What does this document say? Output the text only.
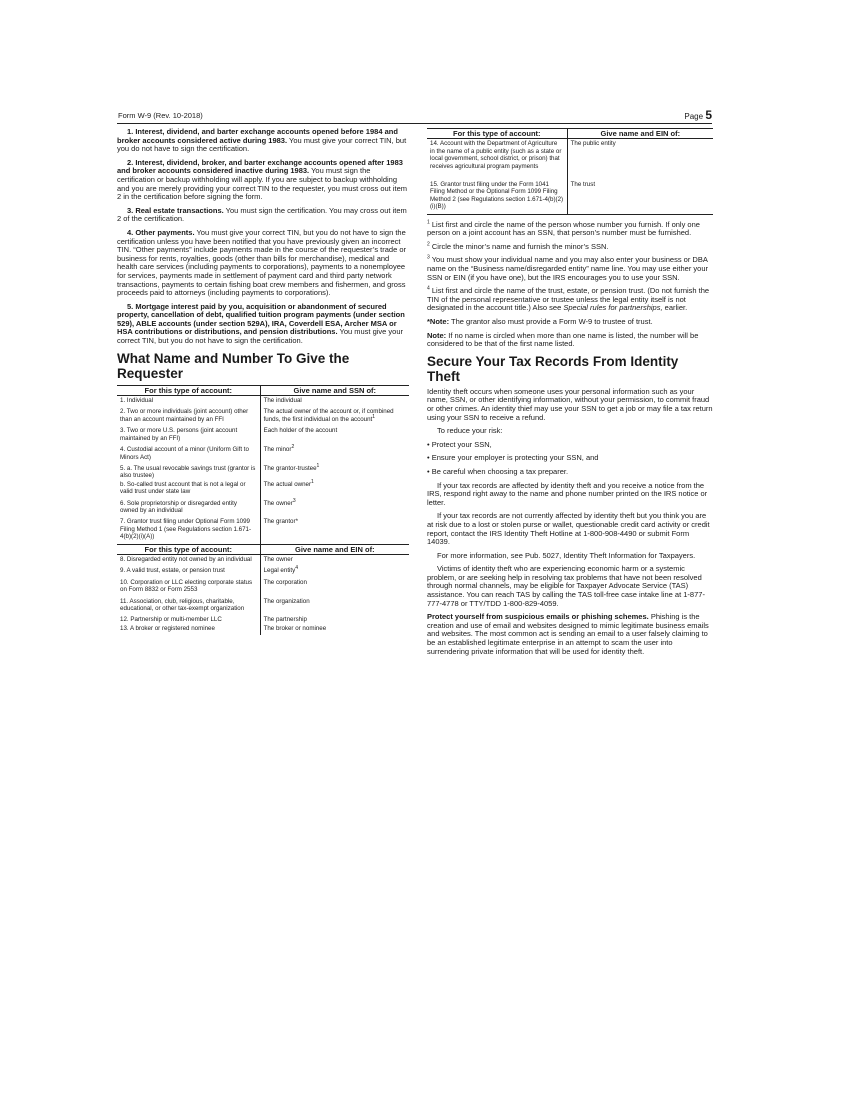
Form W-9 (Rev. 10-2018)	Page 5

1. Interest, dividend, and barter exchange accounts opened before 1984 and broker accounts considered active during 1983. You must give your correct TIN, but you do not have to sign the certification.

2. Interest, dividend, broker, and barter exchange accounts opened after 1983 and broker accounts considered inactive during 1983. You must sign the certification or backup withholding will apply. If you are subject to backup withholding and you are merely providing your correct TIN to the requester, you must cross out item 2 in the certification before signing the form.

3. Real estate transactions. You must sign the certification. You may cross out item 2 of the certification.

4. Other payments. You must give your correct TIN, but you do not have to sign the certification unless you have been notified that you have previously given an incorrect TIN. “Other payments” include payments made in the course of the requester’s trade or business for rents, royalties, goods (other than bills for merchandise), medical and health care services (including payments to corporations), payments to a nonemployee for services, payments made in settlement of payment card and third party network transactions, payments to certain fishing boat crew members and fishermen, and gross proceeds paid to attorneys (including payments to corporations).

5. Mortgage interest paid by you, acquisition or abandonment of secured property, cancellation of debt, qualified tuition program payments (under section 529), ABLE accounts (under section 529A), IRA, Coverdell ESA, Archer MSA or HSA contributions or distributions, and pension distributions. You must give your correct TIN, but you do not have to sign the certification.

What Name and Number To Give the Requester
For this type of account:	Give name and SSN of:
1. Individual	The individual
2. Two or more individuals (joint account) other than an account maintained by an FFI	The actual owner of the account or, if combined funds, the first individual on the account$^1$
3. Two or more U.S. persons (joint account maintained by an FFI)	Each holder of the account
4. Custodial account of a minor (Uniform Gift to Minors Act)	The minor$^2$
5. a. The usual revocable savings trust (grantor is also trustee)	The grantor-trustee$^1$
b. So-called trust account that is not a legal or valid trust under state law	The actual owner$^1$
6. Sole proprietorship or disregarded entity owned by an individual	The owner$^3$
7. Grantor trust filing under Optional Form 1099 Filing Method 1 (see Regulations section 1.671-4(b)(2)(i)(A))	The grantor*
For this type of account:	Give name and EIN of:
8. Disregarded entity not owned by an individual	The owner
9. A valid trust, estate, or pension trust	Legal entity$^4$
10. Corporation or LLC electing corporate status on Form 8832 or Form 2553	The corporation
11. Association, club, religious, charitable, educational, or other tax-exempt organization	The organization
12. Partnership or multi-member LLC	The partnership
13. A broker or registered nominee	The broker or nominee
For this type of account:	Give name and EIN of:
14. Account with the Department of Agriculture in the name of a public entity (such as a state or local government, school district, or prison) that receives agricultural program payments	The public entity
15. Grantor trust filing under the Form 1041 Filing Method or the Optional Form 1099 Filing Method 2 (see Regulations section 1.671-4(b)(2)(i)(B))	The trust

$^1$ List first and circle the name of the person whose number you furnish. If only one person on a joint account has an SSN, that person’s number must be furnished.

$^2$ Circle the minor’s name and furnish the minor’s SSN.

$^3$ You must show your individual name and you may also enter your business or DBA name on the “Business name/disregarded entity” name line. You may use either your SSN or EIN (if you have one), but the IRS encourages you to use your SSN.

$^4$ List first and circle the name of the trust, estate, or pension trust. (Do not furnish the TIN of the personal representative or trustee unless the legal entity itself is not designated in the account title.) Also see Special rules for partnerships, earlier.

*Note: The grantor also must provide a Form W-9 to trustee of trust.

Note: If no name is circled when more than one name is listed, the number will be considered to be that of the first name listed.

Secure Your Tax Records From Identity Theft

Identity theft occurs when someone uses your personal information such as your name, SSN, or other identifying information, without your permission, to commit fraud or other crimes. An identity thief may use your SSN to get a job or may file a tax return using your SSN to receive a refund.

To reduce your risk:

• Protect your SSN,

• Ensure your employer is protecting your SSN, and

• Be careful when choosing a tax preparer.

If your tax records are affected by identity theft and you receive a notice from the IRS, respond right away to the name and phone number printed on the IRS notice or letter.

If your tax records are not currently affected by identity theft but you think you are at risk due to a lost or stolen purse or wallet, questionable credit card activity or credit report, contact the IRS Identity Theft Hotline at 1-800-908-4490 or submit Form 14039.

For more information, see Pub. 5027, Identity Theft Information for Taxpayers.

Victims of identity theft who are experiencing economic harm or a systemic problem, or are seeking help in resolving tax problems that have not been resolved through normal channels, may be eligible for Taxpayer Advocate Service (TAS) assistance. You can reach TAS by calling the TAS toll-free case intake line at 1-877-777-4778 or TTY/TDD 1-800-829-4059.

Protect yourself from suspicious emails or phishing schemes. Phishing is the creation and use of email and websites designed to mimic legitimate business emails and websites. The most common act is sending an email to a user falsely claiming to be an established legitimate enterprise in an attempt to scam the user into surrendering private information that will be used for identity theft.
